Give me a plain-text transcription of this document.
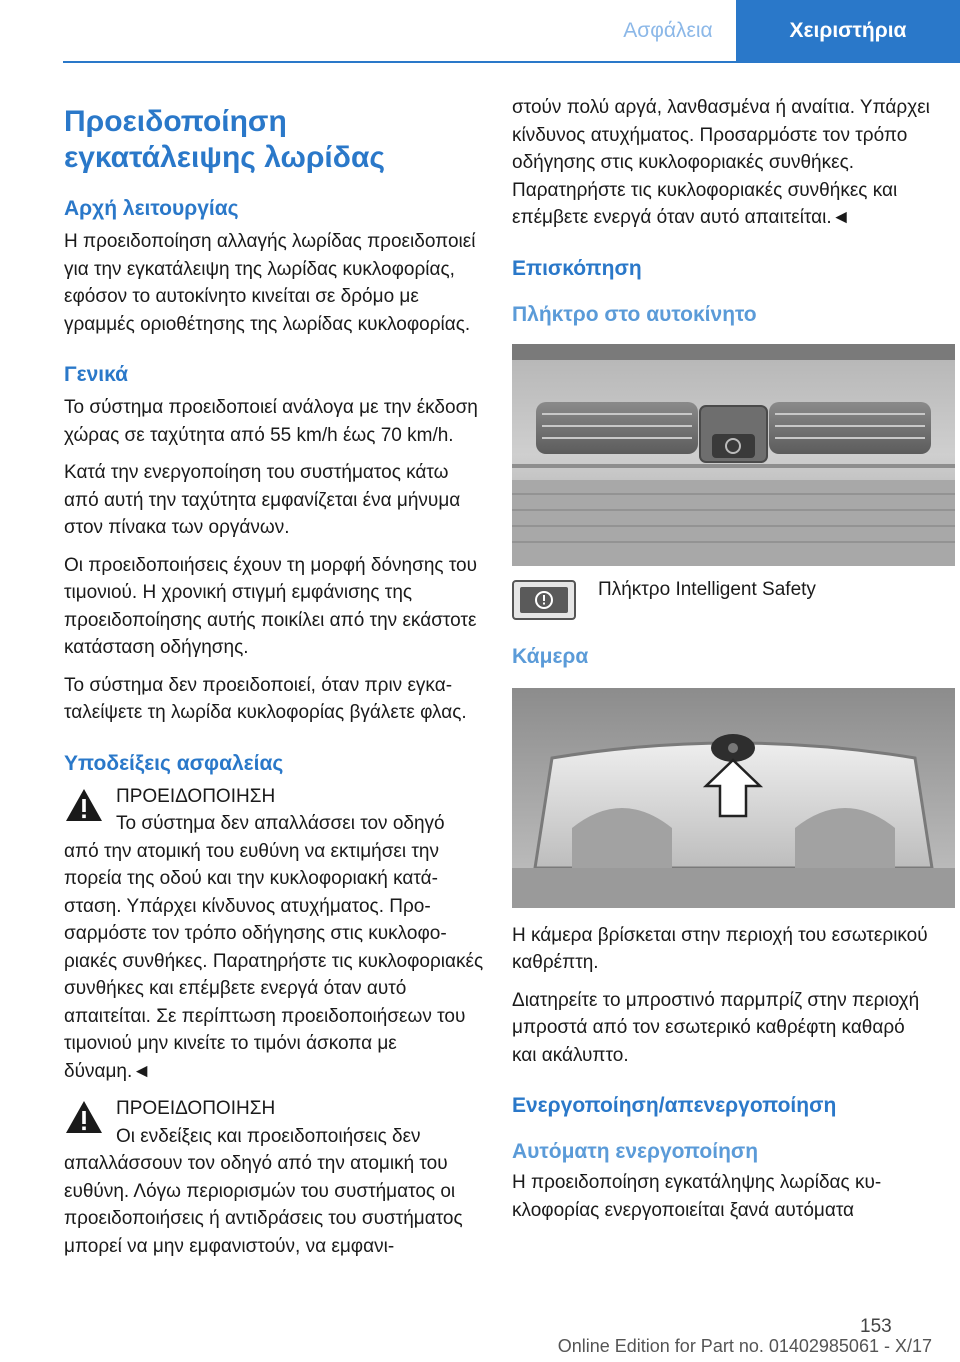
Ασφάλεια	Χειριστήρια
Προειδοποίηση εγκατάλειψης λωρίδας
Αρχή λειτουργίας

Η προειδοποίηση αλλαγής λωρίδας προειδοποιεί για την εγκατάλειψη της λωρίδας κυκλοφορίας, εφόσον το αυτοκίνητο κινείται σε δρόμο με γραμμές οριοθέτησης της λωρίδας κυκλοφορίας.

Γενικά

Το σύστημα προειδοποιεί ανάλογα με την έκδοση χώρας σε ταχύτητα από 55 km/h έως 70 km/h.

Κατά την ενεργοποίηση του συστήματος κάτω από αυτή την ταχύτητα εμφανίζεται ένα μήνυμα στον πίνακα των οργάνων.

Οι προειδοποιήσεις έχουν τη μορφή δόνησης του τιμονιού. Η χρονική στιγμή εμφάνισης της προειδοποίησης αυτής ποικίλει από την εκάστοτε κατάσταση οδήγησης.

Το σύστημα δεν προειδοποιεί, όταν πριν εγκαταλείψετε τη λωρίδα κυκλοφορίας βγάλετε φλας.

Υποδείξεις ασφαλείας
ΠΡΟΕΙΔΟΠΟΙΗΣΗ
Το σύστημα δεν απαλλάσσει τον οδηγό από την ατομική του ευθύνη να εκτιμήσει την πορεία της οδού και την κυκλοφοριακή κατάσταση. Υπάρχει κίνδυνος ατυχήματος. Προσαρμόστε τον τρόπο οδήγησης στις κυκλοφοριακές συνθήκες. Παρατηρήστε τις κυκλοφοριακές συνθήκες και επέμβετε ενεργά όταν αυτό απαιτείται. Σε περίπτωση προειδοποιήσεων του τιμονιού μην κινείτε το τιμόνι άσκοπα με δύναμη.◄
ΠΡΟΕΙΔΟΠΟΙΗΣΗ
Οι ενδείξεις και προειδοποιήσεις δεν απαλλάσσουν τον οδηγό από την ατομική του ευθύνη. Λόγω περιορισμών του συστήματος οι προειδοποιήσεις ή αντιδράσεις του συστήματος μπορεί να μην εμφανιστούν, να εμφανι-

στούν πολύ αργά, λανθασμένα ή αναίτια. Υπάρχει κίνδυνος ατυχήματος. Προσαρμόστε τον τρόπο οδήγησης στις κυκλοφοριακές συνθήκες. Παρατηρήστε τις κυκλοφοριακές συνθήκες και επέμβετε ενεργά όταν αυτό απαιτείται.◄

Επισκόπηση
Πλήκτρο στο αυτοκίνητο
Πλήκτρο Intelligent Safety
Κάμερα

Η κάμερα βρίσκεται στην περιοχή του εσωτερικού καθρέπτη.

Διατηρείτε το μπροστινό παρμπρίζ στην περιοχή μπροστά από τον εσωτερικό καθρέφτη καθαρό και ακάλυπτο.

Ενεργοποίηση/απενεργοποίηση
Αυτόματη ενεργοποίηση

Η προειδοποίηση εγκατάληψης λωρίδας κυκλοφορίας ενεργοποιείται ξανά αυτόματα

153
Online Edition for Part no. 01402985061 - X/17
